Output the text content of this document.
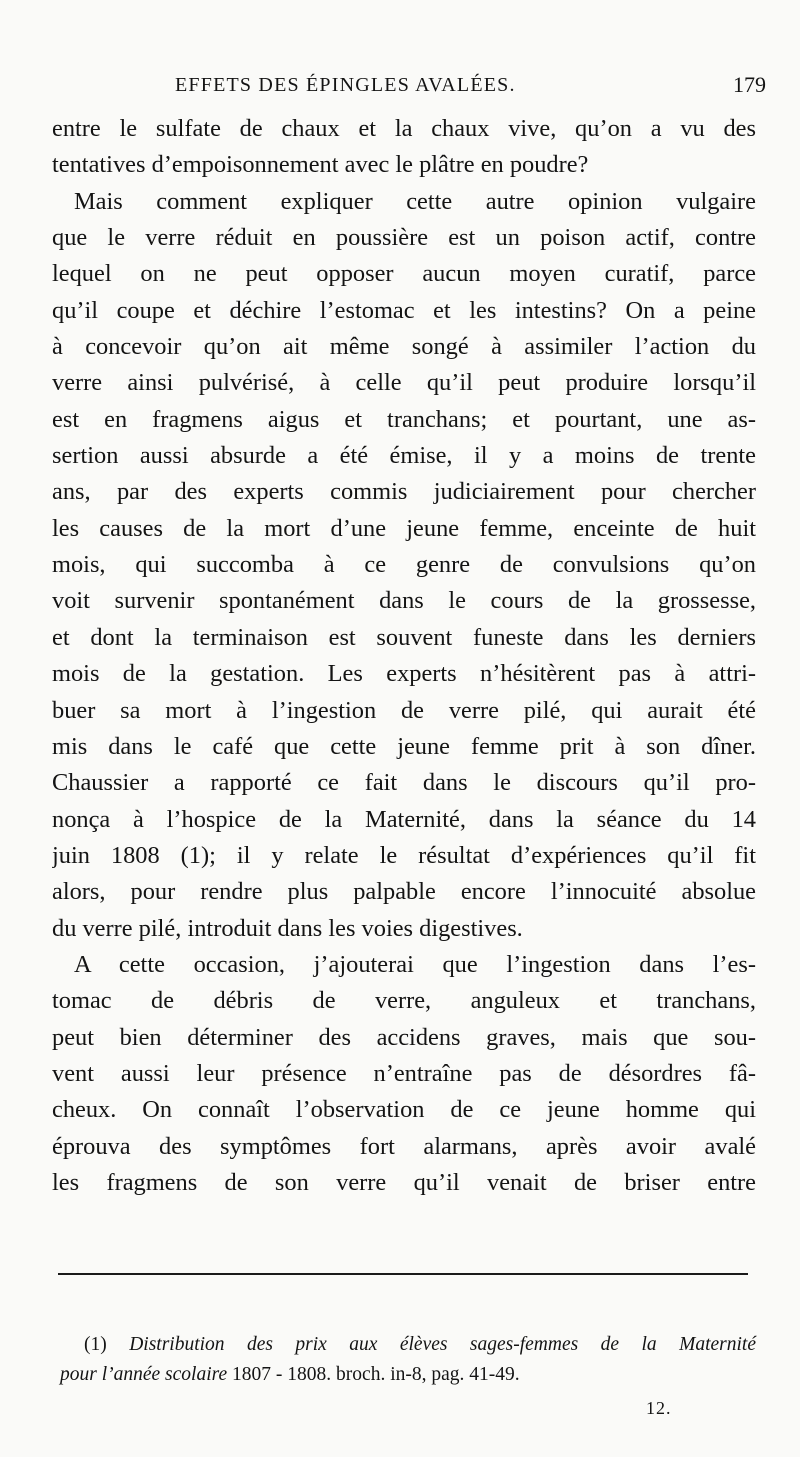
EFFETS DES ÉPINGLES AVALÉES.	179
entre le sulfate de chaux et la chaux vive, qu’on a vu des
tentatives d’empoisonnement avec le plâtre en poudre?
Mais comment expliquer cette autre opinion vulgaire
que le verre réduit en poussière est un poison actif, contre
lequel on ne peut opposer aucun moyen curatif, parce
qu’il coupe et déchire l’estomac et les intestins? On a peine
à concevoir qu’on ait même songé à assimiler l’action du
verre ainsi pulvérisé, à celle qu’il peut produire lorsqu’il
est en fragmens aigus et tranchans; et pourtant, une as-
sertion aussi absurde a été émise, il y a moins de trente
ans, par des experts commis judiciairement pour chercher
les causes de la mort d’une jeune femme, enceinte de huit
mois, qui succomba à ce genre de convulsions qu’on
voit survenir spontanément dans le cours de la grossesse,
et dont la terminaison est souvent funeste dans les derniers
mois de la gestation. Les experts n’hésitèrent pas à attri-
buer sa mort à l’ingestion de verre pilé, qui aurait été
mis dans le café que cette jeune femme prit à son dîner.
Chaussier a rapporté ce fait dans le discours qu’il pro-
nonça à l’hospice de la Maternité, dans la séance du 14
juin 1808 (1); il y relate le résultat d’expériences qu’il fit
alors, pour rendre plus palpable encore l’innocuité absolue
du verre pilé, introduit dans les voies digestives.
A cette occasion, j’ajouterai que l’ingestion dans l’es-
tomac de débris de verre, anguleux et tranchans,
peut bien déterminer des accidens graves, mais que sou-
vent aussi leur présence n’entraîne pas de désordres fâ-
cheux. On connaît l’observation de ce jeune homme qui
éprouva des symptômes fort alarmans, après avoir avalé
les fragmens de son verre qu’il venait de briser entre
(1) Distribution des prix aux élèves sages-femmes de la Maternité
pour l’année scolaire 1807 - 1808. broch. in-8, pag. 41-49.
12.
